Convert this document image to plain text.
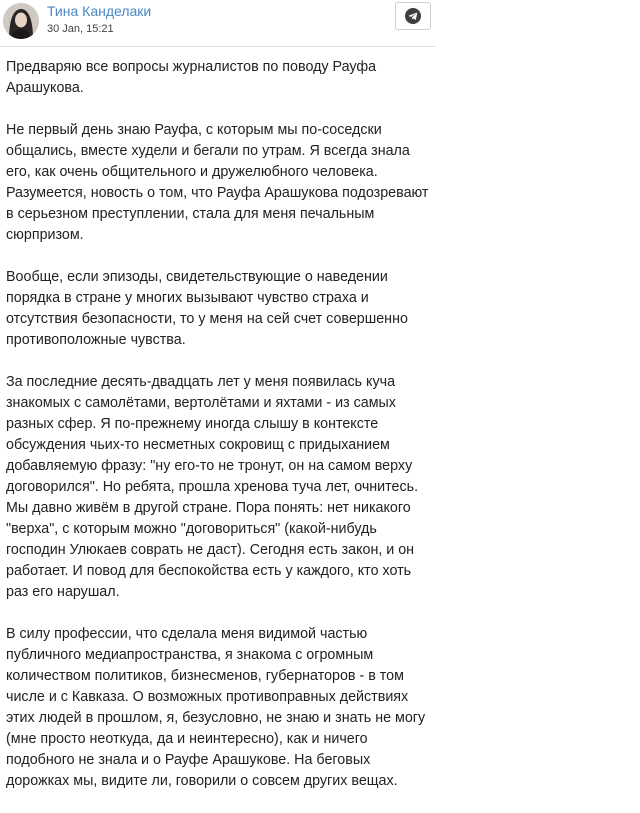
Тина Канделаки
30 Jan, 15:21

Предваряю все вопросы журналистов по поводу Рауфа Арашукова.

Не первый день знаю Рауфа, с которым мы по-соседски общались, вместе худели и бегали по утрам. Я всегда знала его, как очень общительного и дружелюбного человека. Разумеется, новость о том, что Рауфа Арашукова подозревают в серьезном преступлении, стала для меня печальным сюрпризом.

Вообще, если эпизоды, свидетельствующие о наведении порядка в стране у многих вызывают чувство страха и отсутствия безопасности, то у меня на сей счет совершенно противоположные чувства.

За последние десять-двадцать лет у меня появилась куча знакомых с самолётами, вертолётами и яхтами - из самых разных сфер. Я по-прежнему иногда слышу в контексте обсуждения чьих-то несметных сокровищ с придыханием добавляемую фразу: "ну его-то не тронут, он на самом верху договорился". Но ребята, прошла хренова туча лет, очнитесь. Мы давно живём в другой стране. Пора понять: нет никакого "верха", с которым можно "договориться" (какой-нибудь господин Улюкаев соврать не даст). Сегодня есть закон, и он работает. И повод для беспокойства есть у каждого, кто хоть раз его нарушал.

В силу профессии, что сделала меня видимой частью публичного медиапространства, я знакома с огромным количеством политиков, бизнесменов, губернаторов - в том числе и с Кавказа. О возможных противоправных действиях этих людей в прошлом, я, безусловно, не знаю и знать не могу (мне просто неоткуда, да и неинтересно), как и ничего подобного не знала и о Рауфе Арашукове. На беговых дорожках мы, видите ли, говорили о совсем других вещах.
